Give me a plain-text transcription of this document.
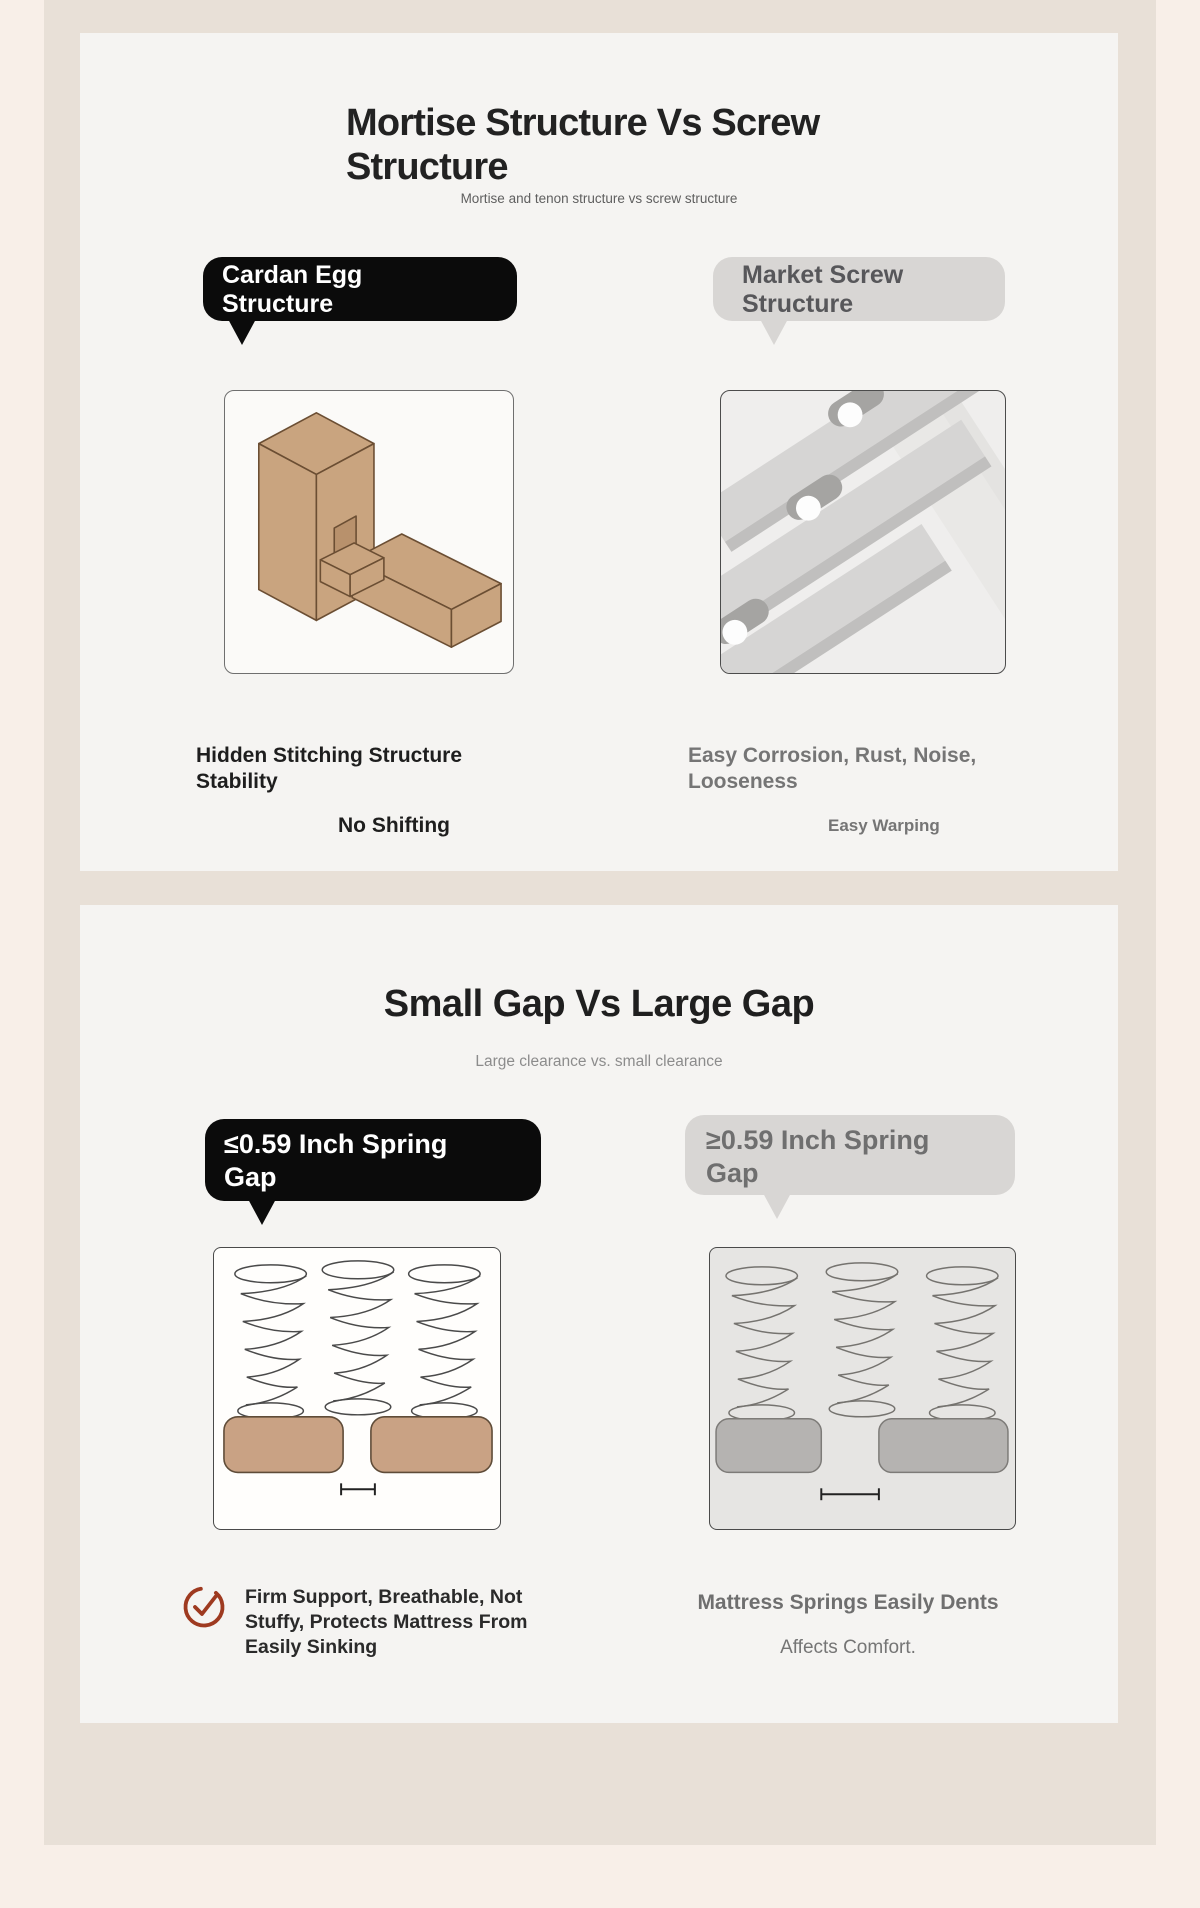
Mortise Structure Vs Screw
Structure
Mortise and tenon structure vs screw structure
Cardan Egg
Structure
Market Screw
Structure
Hidden Stitching Structure Stability
No Shifting
Easy Corrosion, Rust, Noise, Looseness
Easy Warping
Small Gap Vs Large Gap
Large clearance vs. small clearance
≤0.59 Inch Spring
Gap
≥0.59 Inch Spring
Gap
Firm Support, Breathable, Not Stuffy, Protects Mattress From Easily Sinking
Mattress Springs Easily Dents
Affects Comfort.
